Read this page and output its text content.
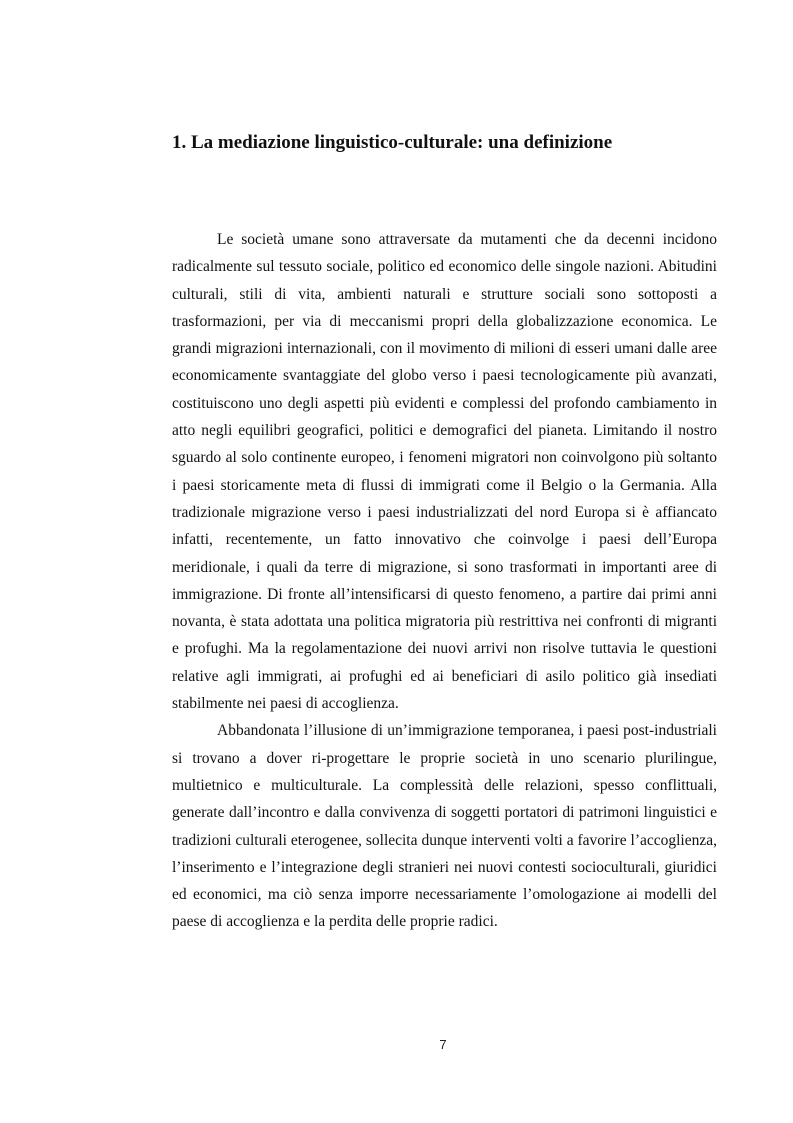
1. La mediazione linguistico-culturale: una definizione

Le società umane sono attraversate da mutamenti che da decenni incidono radicalmente sul tessuto sociale, politico ed economico delle singole nazioni. Abitudini culturali, stili di vita, ambienti naturali e strutture sociali sono sottoposti a trasformazioni, per via di meccanismi propri della globalizzazione economica. Le grandi migrazioni internazionali, con il movimento di milioni di esseri umani dalle aree economicamente svantaggiate del globo verso i paesi tecnologicamente più avanzati, costituiscono uno degli aspetti più evidenti e complessi del profondo cambiamento in atto negli equilibri geografici, politici e demografici del pianeta. Limitando il nostro sguardo al solo continente europeo, i fenomeni migratori non coinvolgono più soltanto i paesi storicamente meta di flussi di immigrati come il Belgio o la Germania. Alla tradizionale migrazione verso i paesi industrializzati del nord Europa si è affiancato infatti, recentemente, un fatto innovativo che coinvolge i paesi dell’Europa meridionale, i quali da terre di migrazione, si sono trasformati in importanti aree di immigrazione. Di fronte all’intensificarsi di questo fenomeno, a partire dai primi anni novanta, è stata adottata una politica migratoria più restrittiva nei confronti di migranti e profughi. Ma la regolamentazione dei nuovi arrivi non risolve tuttavia le questioni relative agli immigrati, ai profughi ed ai beneficiari di asilo politico già insediati stabilmente nei paesi di accoglienza.

Abbandonata l’illusione di un’immigrazione temporanea, i paesi post-industriali si trovano a dover ri-progettare le proprie società in uno scenario plurilingue, multietnico e multiculturale. La complessità delle relazioni, spesso conflittuali, generate dall’incontro e dalla convivenza di soggetti portatori di patrimoni linguistici e tradizioni culturali eterogenee, sollecita dunque interventi volti a favorire l’accoglienza, l’inserimento e l’integrazione degli stranieri nei nuovi contesti socioculturali, giuridici ed economici, ma ciò senza imporre necessariamente l’omologazione ai modelli del paese di accoglienza e la perdita delle proprie radici.

7
